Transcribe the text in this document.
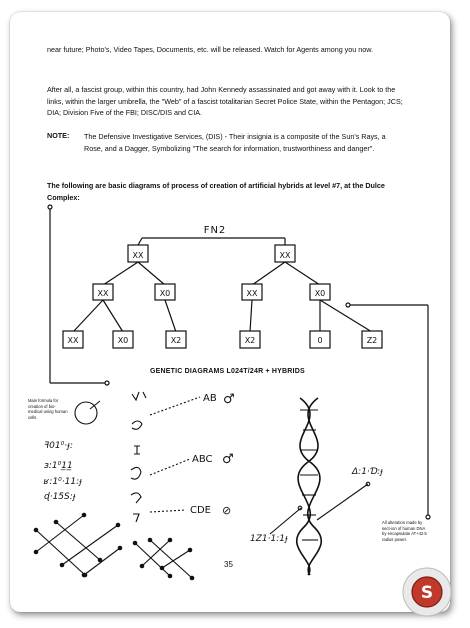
near future; Photo's, Video Tapes, Documents, etc. will be released. Watch for Agents among you now.

After all, a fascist group, within this country, had John Kennedy assassinated and got away with it. Look to the links, within the larger umbrella, the "Web" of a fascist totalitarian Secret Police State, within the Pentagon; JCS; DIA; Division Five of the FBI; DISC/DIS and CIA.

NOTE: The Defensive Investigative Services, (DIS) - Their insignia is a composite of the Sun's Rays, a Rose, and a Dagger, Symbolizing "The search for information, trustworthiness and danger".

The following are basic diagrams of process of creation of artificial hybrids at level #7, at the Dulce Complex:

XX	XX
XX	X0	XX	X0
XX	X0	X2	X2	0	Z2
FN2
AB ♂
ABC ♂
CDE ⊘
ꟻ01⁰·ɟ:
ɜː1⁰1̲1̲
ʁ:1⁰·11:ɟ
ɖ·15S:ɟ
Δ:1·Ɗ:ɟ
1Z1·1:1ɟ
GENETIC DIAGRAMS L024T/24R + HYBRIDS
Main formula for creation of bio-medical using human cells
All alteration made by sect-ion of human DNA by encapsulate AT+42.5 radius power.
35
S
